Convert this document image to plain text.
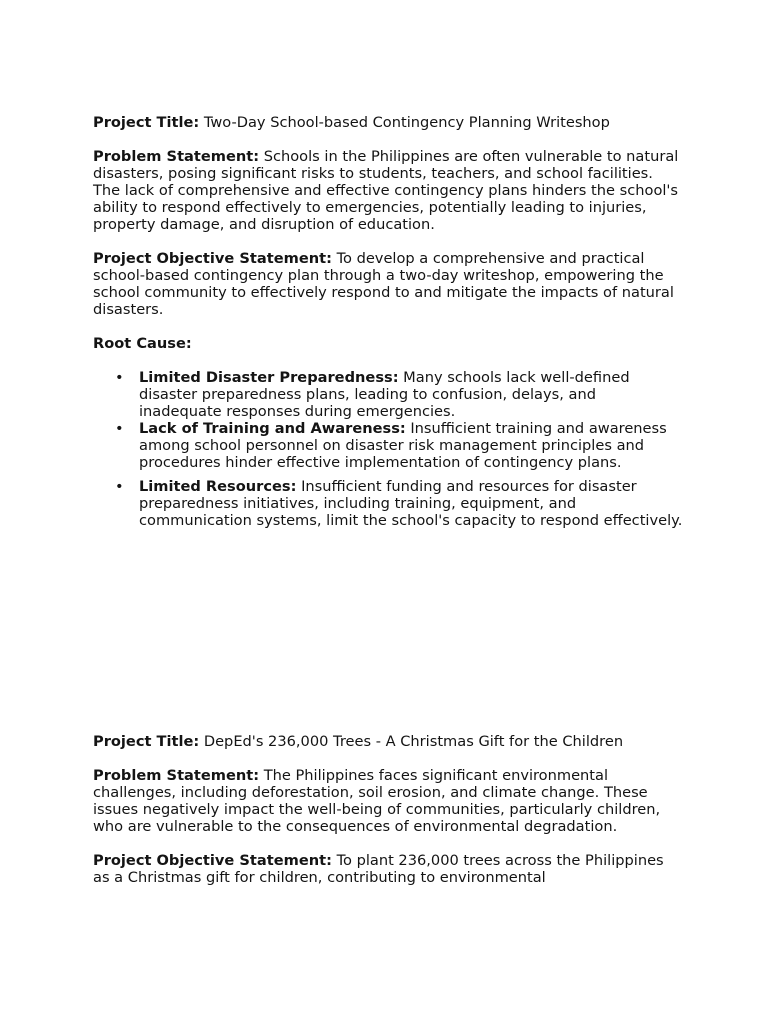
Project Title: Two-Day School-based Contingency Planning Writeshop

Problem Statement: Schools in the Philippines are often vulnerable to natural disasters, posing significant risks to students, teachers, and school facilities. The lack of comprehensive and effective contingency plans hinders the school's ability to respond effectively to emergencies, potentially leading to injuries, property damage, and disruption of education.

Project Objective Statement: To develop a comprehensive and practical school-based contingency plan through a two-day writeshop, empowering the school community to effectively respond to and mitigate the impacts of natural disasters.

Root Cause:

• Limited Disaster Preparedness: Many schools lack well-defined disaster preparedness plans, leading to confusion, delays, and inadequate responses during emergencies.
• Lack of Training and Awareness: Insufficient training and awareness among school personnel on disaster risk management principles and procedures hinder effective implementation of contingency plans.
• Limited Resources: Insufficient funding and resources for disaster preparedness initiatives, including training, equipment, and communication systems, limit the school's capacity to respond effectively.

Project Title: DepEd's 236,000 Trees - A Christmas Gift for the Children

Problem Statement: The Philippines faces significant environmental challenges, including deforestation, soil erosion, and climate change. These issues negatively impact the well-being of communities, particularly children, who are vulnerable to the consequences of environmental degradation.

Project Objective Statement: To plant 236,000 trees across the Philippines as a Christmas gift for children, contributing to environmental
